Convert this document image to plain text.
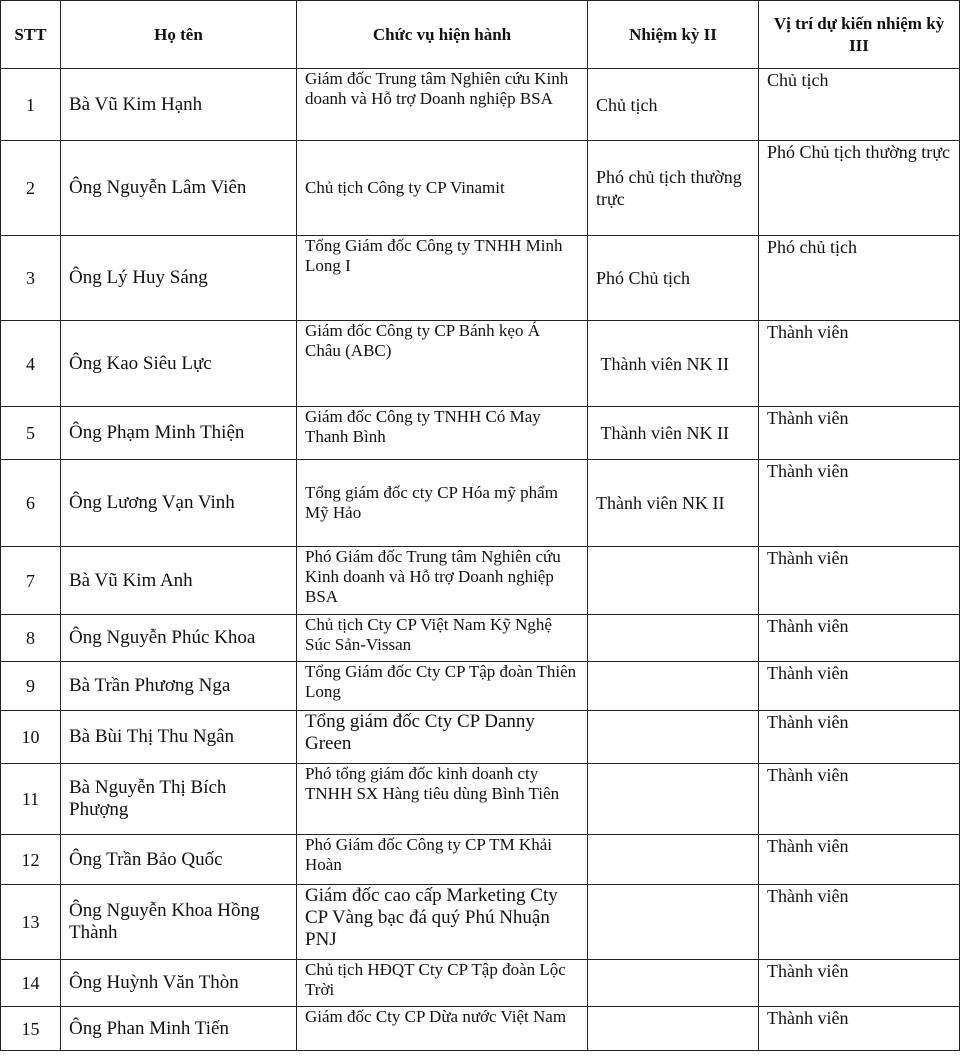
STT	Họ tên	Chức vụ hiện hành	Nhiệm kỳ II	Vị trí dự kiến nhiệm kỳ III
1	Bà Vũ Kim Hạnh	Giám đốc Trung tâm Nghiên cứu Kinh doanh và Hỗ trợ Doanh nghiệp BSA	Chủ tịch	Chủ tịch
2	Ông Nguyễn Lâm Viên	Chủ tịch Công ty CP Vinamit	Phó chủ tịch thường trực	Phó Chủ tịch thường trực
3	Ông Lý Huy Sáng	Tổng Giám đốc Công ty TNHH Minh Long I	Phó Chủ tịch	Phó chủ tịch
4	Ông Kao Siêu Lực	Giám đốc Công ty CP Bánh kẹo Á Châu (ABC)	Thành viên NK II	Thành viên
5	Ông Phạm Minh Thiện	Giám đốc Công ty TNHH Có May Thanh Bình	Thành viên NK II	Thành viên
6	Ông Lương Vạn Vinh	Tổng giám đốc cty CP Hóa mỹ phẩm Mỹ Hảo	Thành viên NK II	Thành viên
7	Bà Vũ Kim Anh	Phó Giám đốc Trung tâm Nghiên cứu Kinh doanh và Hỗ trợ Doanh nghiệp BSA		Thành viên
8	Ông Nguyễn Phúc Khoa	Chủ tịch Cty CP Việt Nam Kỹ Nghệ Súc Sản-Vissan		Thành viên
9	Bà Trần Phương Nga	Tổng Giám đốc Cty CP Tập đoàn Thiên Long		Thành viên
10	Bà Bùi Thị Thu Ngân	Tổng giám đốc Cty CP Danny Green		Thành viên
11	Bà Nguyễn Thị Bích Phượng	Phó tổng giám đốc kinh doanh cty TNHH SX Hàng tiêu dùng Bình Tiên		Thành viên
12	Ông Trần Bảo Quốc	Phó Giám đốc Công ty CP TM Khải Hoàn		Thành viên
13	Ông Nguyễn Khoa Hồng Thành	Giám đốc cao cấp Marketing Cty CP Vàng bạc đá quý Phú Nhuận PNJ		Thành viên
14	Ông Huỳnh Văn Thòn	Chủ tịch HĐQT Cty CP Tập đoàn Lộc Trời		Thành viên
15	Ông Phan Minh Tiến	Giám đốc Cty CP Dừa nước Việt Nam		Thành viên
